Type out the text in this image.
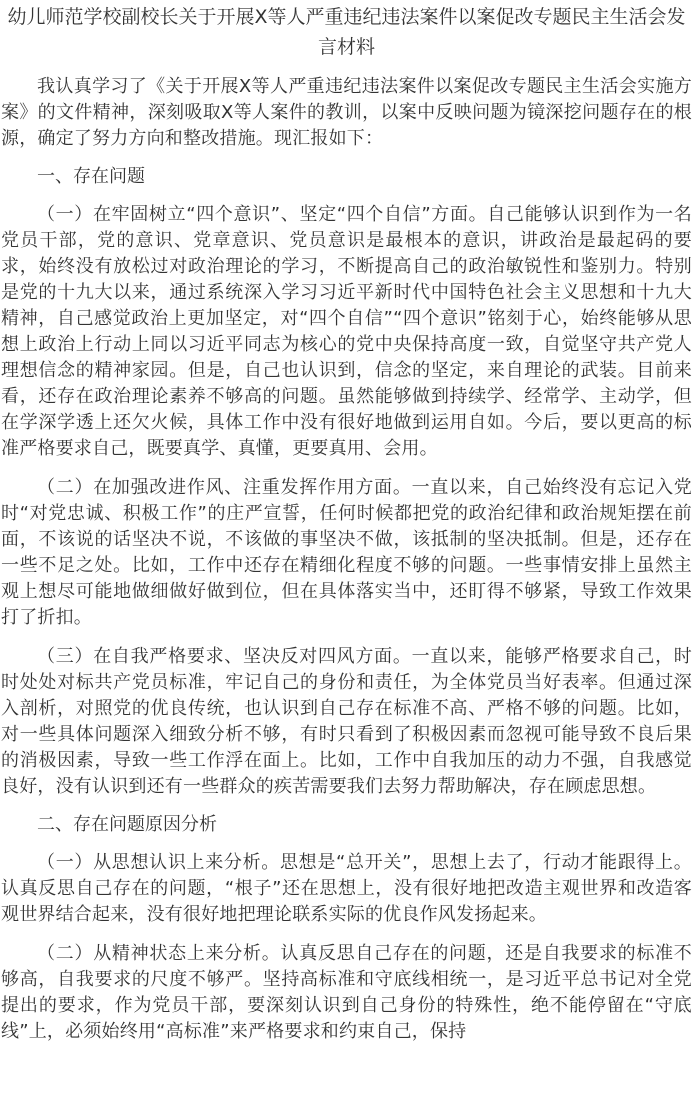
幼儿师范学校副校长关于开展X等人严重违纪违法案件以案促改专题民主生活会发言材料

我认真学习了《关于开展X等人严重违纪违法案件以案促改专题民主生活会实施方案》的文件精神，深刻吸取X等人案件的教训，以案中反映问题为镜深挖问题存在的根源，确定了努力方向和整改措施。现汇报如下：

一、存在问题

（一）在牢固树立“四个意识”、坚定“四个自信”方面。自己能够认识到作为一名党员干部，党的意识、党章意识、党员意识是最根本的意识，讲政治是最起码的要求，始终没有放松过对政治理论的学习，不断提高自己的政治敏锐性和鉴别力。特别是党的十九大以来，通过系统深入学习习近平新时代中国特色社会主义思想和十九大精神，自己感觉政治上更加坚定，对“四个自信”“四个意识”铭刻于心，始终能够从思想上政治上行动上同以习近平同志为核心的党中央保持高度一致，自觉坚守共产党人理想信念的精神家园。但是，自己也认识到，信念的坚定，来自理论的武装。目前来看，还存在政治理论素养不够高的问题。虽然能够做到持续学、经常学、主动学，但在学深学透上还欠火候，具体工作中没有很好地做到运用自如。今后，要以更高的标准严格要求自己，既要真学、真懂，更要真用、会用。

（二）在加强改进作风、注重发挥作用方面。一直以来，自己始终没有忘记入党时“对党忠诚、积极工作”的庄严宣誓，任何时候都把党的政治纪律和政治规矩摆在前面，不该说的话坚决不说，不该做的事坚决不做，该抵制的坚决抵制。但是，还存在一些不足之处。比如，工作中还存在精细化程度不够的问题。一些事情安排上虽然主观上想尽可能地做细做好做到位，但在具体落实当中，还盯得不够紧，导致工作效果打了折扣。

（三）在自我严格要求、坚决反对四风方面。一直以来，能够严格要求自己，时时处处对标共产党员标准，牢记自己的身份和责任，为全体党员当好表率。但通过深入剖析，对照党的优良传统，也认识到自己存在标准不高、严格不够的问题。比如，对一些具体问题深入细致分析不够，有时只看到了积极因素而忽视可能导致不良后果的消极因素，导致一些工作浮在面上。比如，工作中自我加压的动力不强，自我感觉良好，没有认识到还有一些群众的疾苦需要我们去努力帮助解决，存在顾虑思想。

二、存在问题原因分析

（一）从思想认识上来分析。思想是“总开关”，思想上去了，行动才能跟得上。认真反思自己存在的问题，“根子”还在思想上，没有很好地把改造主观世界和改造客观世界结合起来，没有很好地把理论联系实际的优良作风发扬起来。

（二）从精神状态上来分析。认真反思自己存在的问题，还是自我要求的标准不够高，自我要求的尺度不够严。坚持高标准和守底线相统一，是习近平总书记对全党提出的要求，作为党员干部，要深刻认识到自己身份的特殊性，绝不能停留在“守底线”上，必须始终用“高标准”来严格要求和约束自己，保持
